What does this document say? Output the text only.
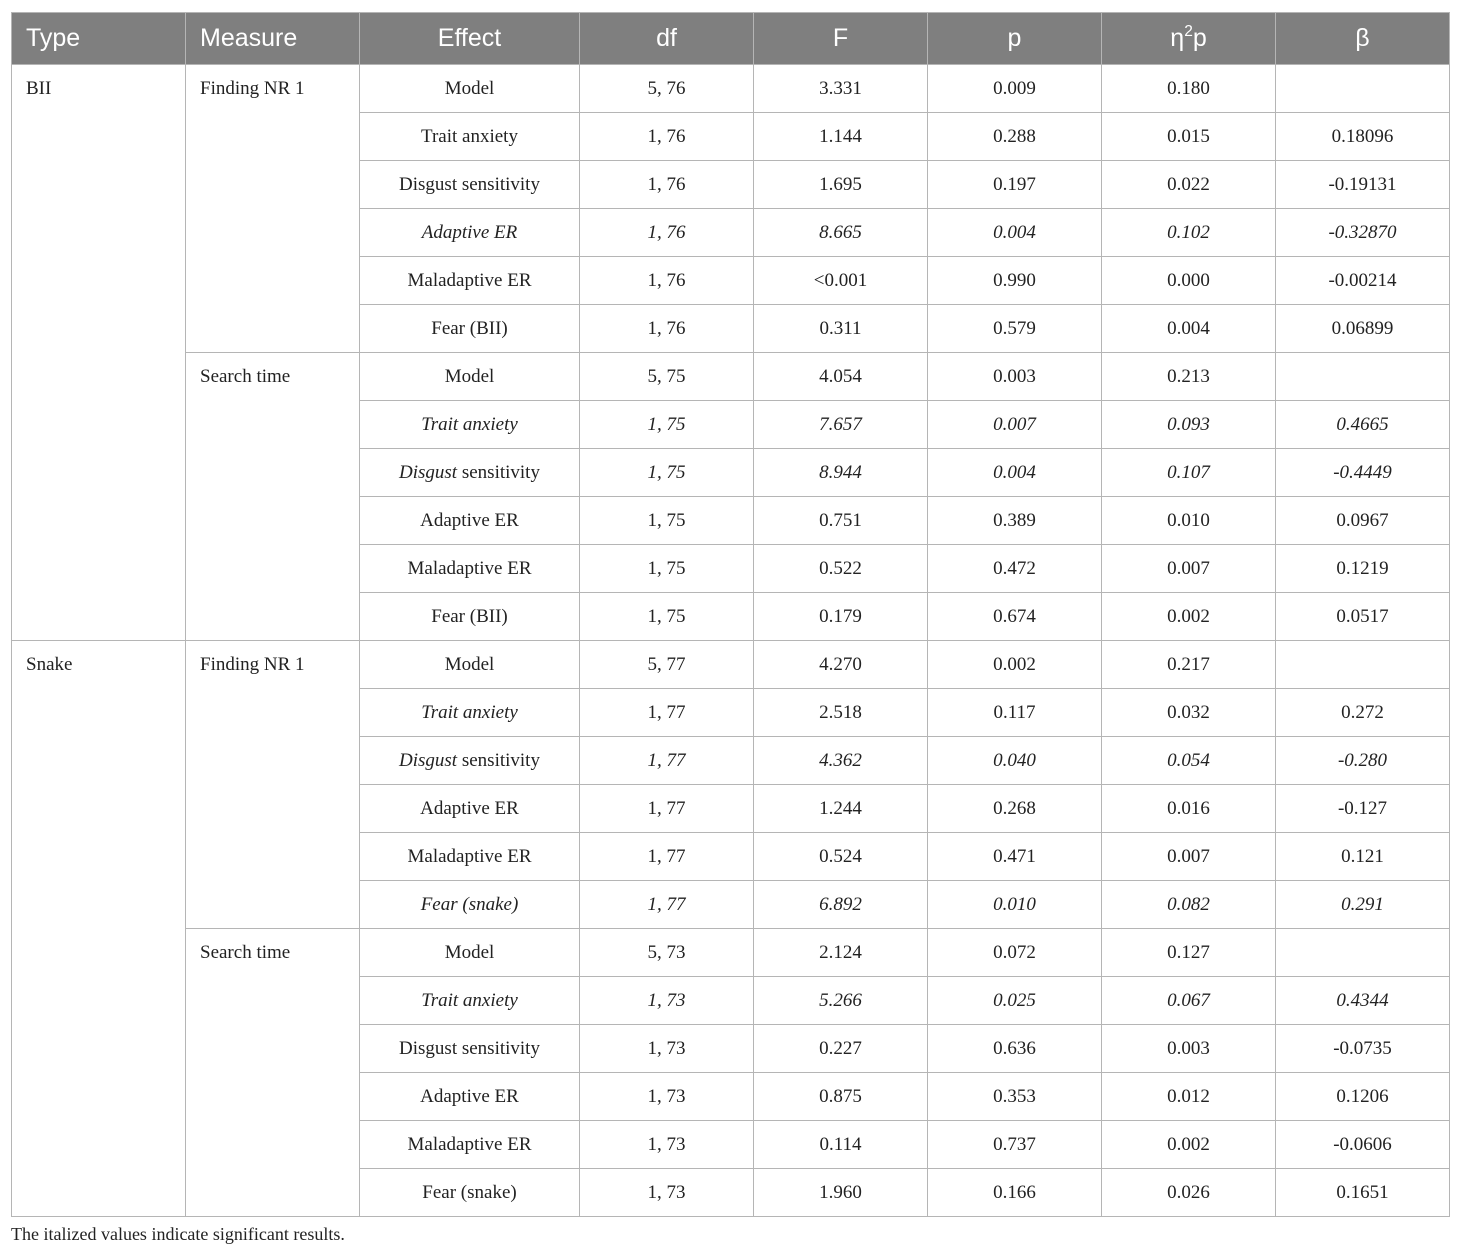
Type	Measure	Effect	df	F	p	$\eta^2p$	β
BII	Finding NR 1	Model	5, 76	3.331	0.009	0.180	
		Trait anxiety	1, 76	1.144	0.288	0.015	0.18096
		Disgust sensitivity	1, 76	1.695	0.197	0.022	-0.19131
		Adaptive ER	1, 76	8.665	0.004	0.102	-0.32870
		Maladaptive ER	1, 76	<0.001	0.990	0.000	-0.00214
		Fear (BII)	1, 76	0.311	0.579	0.004	0.06899
	Search time	Model	5, 75	4.054	0.003	0.213	
		Trait anxiety	1, 75	7.657	0.007	0.093	0.4665
		Disgust sensitivity	1, 75	8.944	0.004	0.107	-0.4449
		Adaptive ER	1, 75	0.751	0.389	0.010	0.0967
		Maladaptive ER	1, 75	0.522	0.472	0.007	0.1219
		Fear (BII)	1, 75	0.179	0.674	0.002	0.0517
Snake	Finding NR 1	Model	5, 77	4.270	0.002	0.217	
		Trait anxiety	1, 77	2.518	0.117	0.032	0.272
		Disgust sensitivity	1, 77	4.362	0.040	0.054	-0.280
		Adaptive ER	1, 77	1.244	0.268	0.016	-0.127
		Maladaptive ER	1, 77	0.524	0.471	0.007	0.121
		Fear (snake)	1, 77	6.892	0.010	0.082	0.291
	Search time	Model	5, 73	2.124	0.072	0.127	
		Trait anxiety	1, 73	5.266	0.025	0.067	0.4344
		Disgust sensitivity	1, 73	0.227	0.636	0.003	-0.0735
		Adaptive ER	1, 73	0.875	0.353	0.012	0.1206
		Maladaptive ER	1, 73	0.114	0.737	0.002	-0.0606
		Fear (snake)	1, 73	1.960	0.166	0.026	0.1651
The italized values indicate significant results.
